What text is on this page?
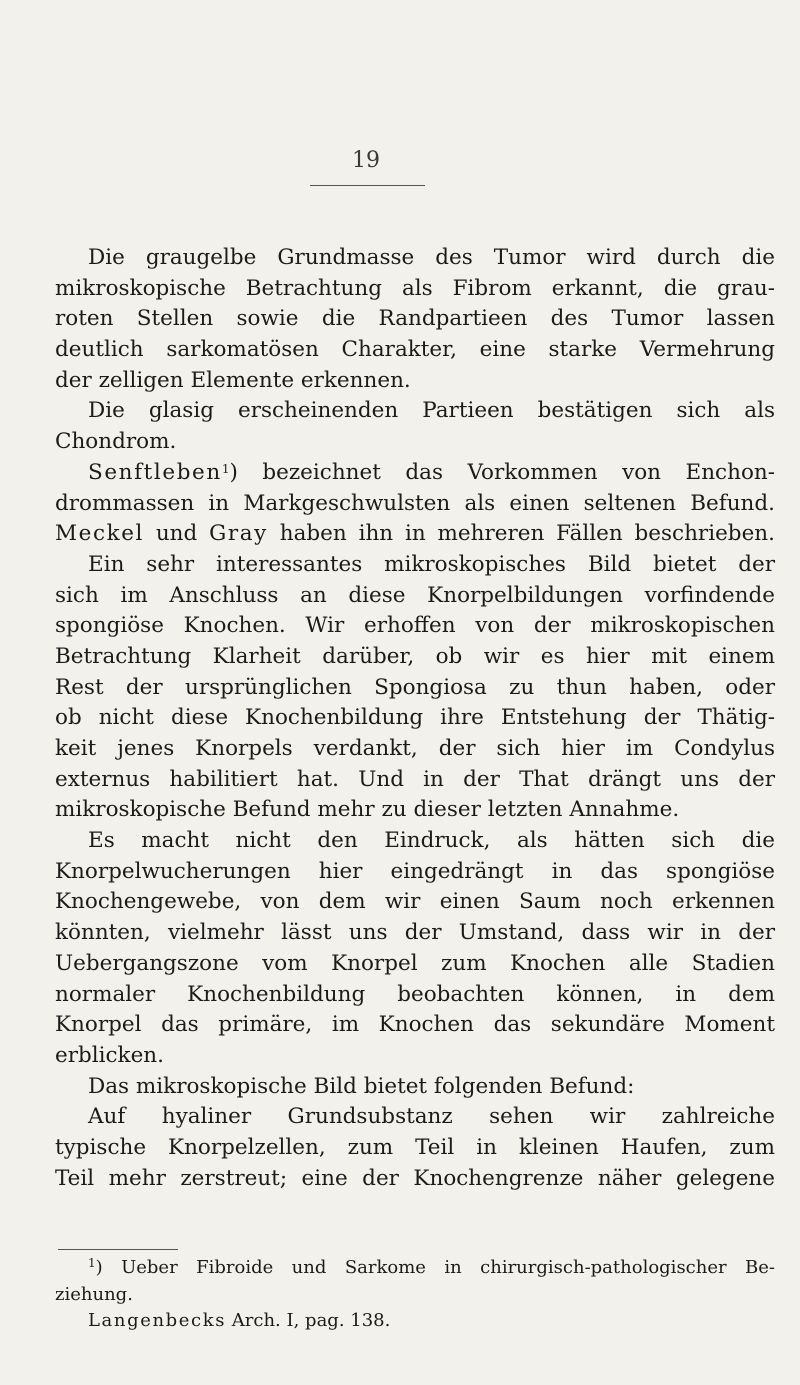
19
Die graugelbe Grundmasse des Tumor wird durch die
mikroskopische Betrachtung als Fibrom erkannt, die grau-
roten Stellen sowie die Randpartieen des Tumor lassen
deutlich sarkomatösen Charakter, eine starke Vermehrung
der zelligen Elemente erkennen.
Die glasig erscheinenden Partieen bestätigen sich als
Chondrom.
Senftleben$^1$) bezeichnet das Vorkommen von Enchon-
drommassen in Markgeschwulsten als einen seltenen Befund.
Meckel und Gray haben ihn in mehreren Fällen beschrieben.
Ein sehr interessantes mikroskopisches Bild bietet der
sich im Anschluss an diese Knorpelbildungen vorfindende
spongiöse Knochen. Wir erhoffen von der mikroskopischen
Betrachtung Klarheit darüber, ob wir es hier mit einem
Rest der ursprünglichen Spongiosa zu thun haben, oder
ob nicht diese Knochenbildung ihre Entstehung der Thätig-
keit jenes Knorpels verdankt, der sich hier im Condylus
externus habilitiert hat. Und in der That drängt uns der
mikroskopische Befund mehr zu dieser letzten Annahme.
Es macht nicht den Eindruck, als hätten sich die
Knorpelwucherungen hier eingedrängt in das spongiöse
Knochengewebe, von dem wir einen Saum noch erkennen
könnten, vielmehr lässt uns der Umstand, dass wir in der
Uebergangszone vom Knorpel zum Knochen alle Stadien
normaler Knochenbildung beobachten können, in dem
Knorpel das primäre, im Knochen das sekundäre Moment
erblicken.
Das mikroskopische Bild bietet folgenden Befund:
Auf hyaliner Grundsubstanz sehen wir zahlreiche
typische Knorpelzellen, zum Teil in kleinen Haufen, zum
Teil mehr zerstreut; eine der Knochengrenze näher gelegene
$^1$) Ueber Fibroide und Sarkome in chirurgisch-pathologischer Be-
ziehung.
Langenbecks Arch. I, pag. 138.
